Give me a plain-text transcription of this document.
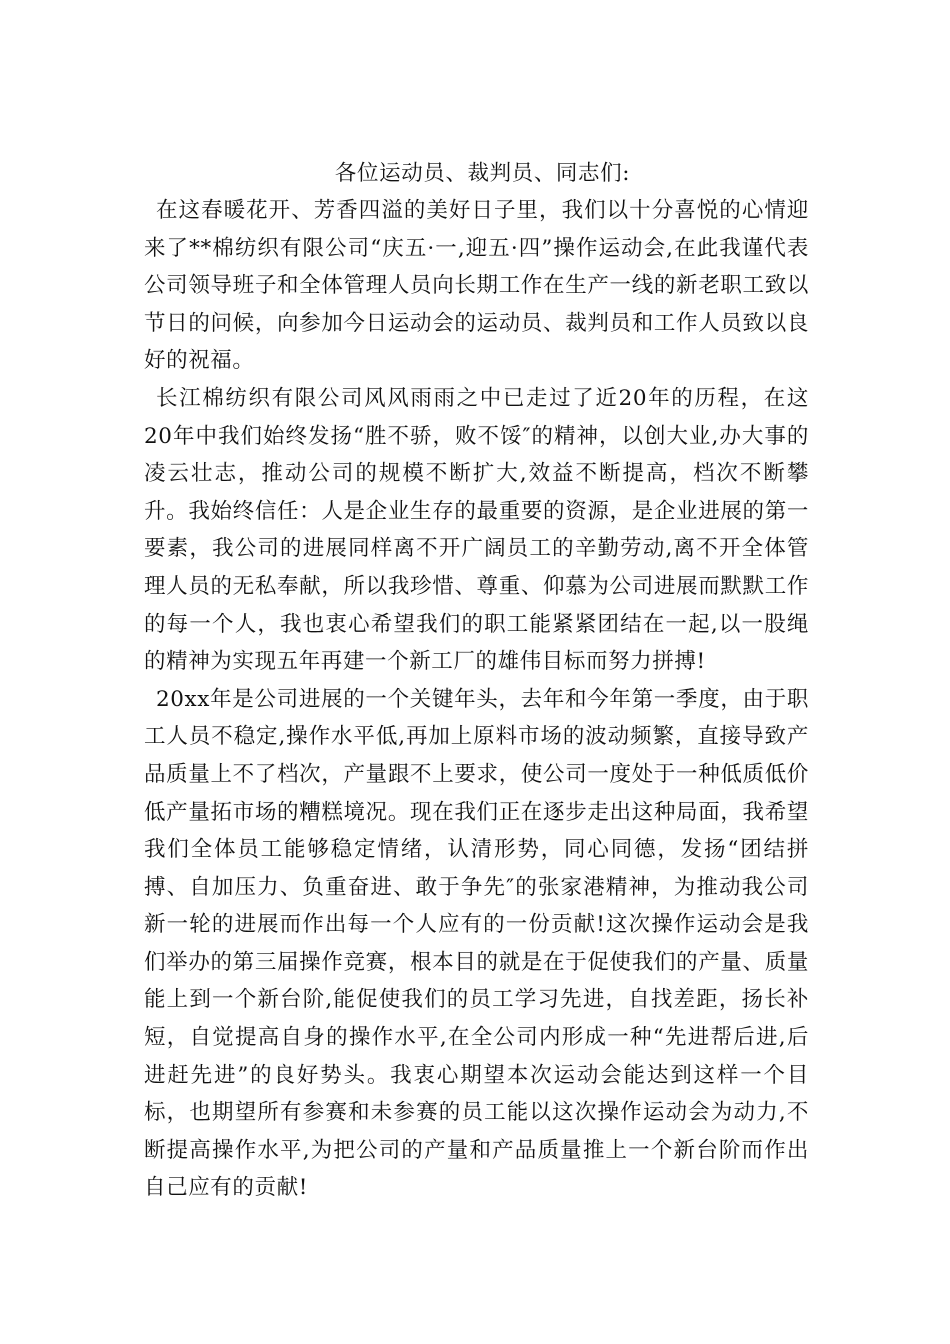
各位运动员、裁判员、同志们:

在这春暖花开、芳香四溢的美好日子里，我们以十分喜悦的心情迎来了**棉纺织有限公司“庆五·一,迎五·四”操作运动会,在此我谨代表公司领导班子和全体管理人员向长期工作在生产一线的新老职工致以节日的问候，向参加今日运动会的运动员、裁判员和工作人员致以良好的祝福。

长江棉纺织有限公司风风雨雨之中已走过了近20年的历程，在这20年中我们始终发扬“胜不骄，败不馁″的精神，以创大业,办大事的凌云壮志，推动公司的规模不断扩大,效益不断提高，档次不断攀升。我始终信任：人是企业生存的最重要的资源，是企业进展的第一要素，我公司的进展同样离不开广阔员工的辛勤劳动,离不开全体管理人员的无私奉献，所以我珍惜、尊重、仰慕为公司进展而默默工作的每一个人，我也衷心希望我们的职工能紧紧团结在一起,以一股绳的精神为实现五年再建一个新工厂的雄伟目标而努力拼搏!

20xx年是公司进展的一个关键年头，去年和今年第一季度，由于职工人员不稳定,操作水平低,再加上原料市场的波动频繁，直接导致产品质量上不了档次，产量跟不上要求，使公司一度处于一种低质低价低产量拓市场的糟糕境况。现在我们正在逐步走出这种局面，我希望我们全体员工能够稳定情绪，认清形势，同心同德，发扬“团结拼搏、自加压力、负重奋进、敢于争先″的张家港精神，为推动我公司新一轮的进展而作出每一个人应有的一份贡献!这次操作运动会是我们举办的第三届操作竞赛，根本目的就是在于促使我们的产量、质量能上到一个新台阶,能促使我们的员工学习先进，自找差距，扬长补短，自觉提高自身的操作水平,在全公司内形成一种“先进帮后进,后进赶先进”的良好势头。我衷心期望本次运动会能达到这样一个目标，也期望所有参赛和未参赛的员工能以这次操作运动会为动力,不断提高操作水平,为把公司的产量和产品质量推上一个新台阶而作出自己应有的贡献!
